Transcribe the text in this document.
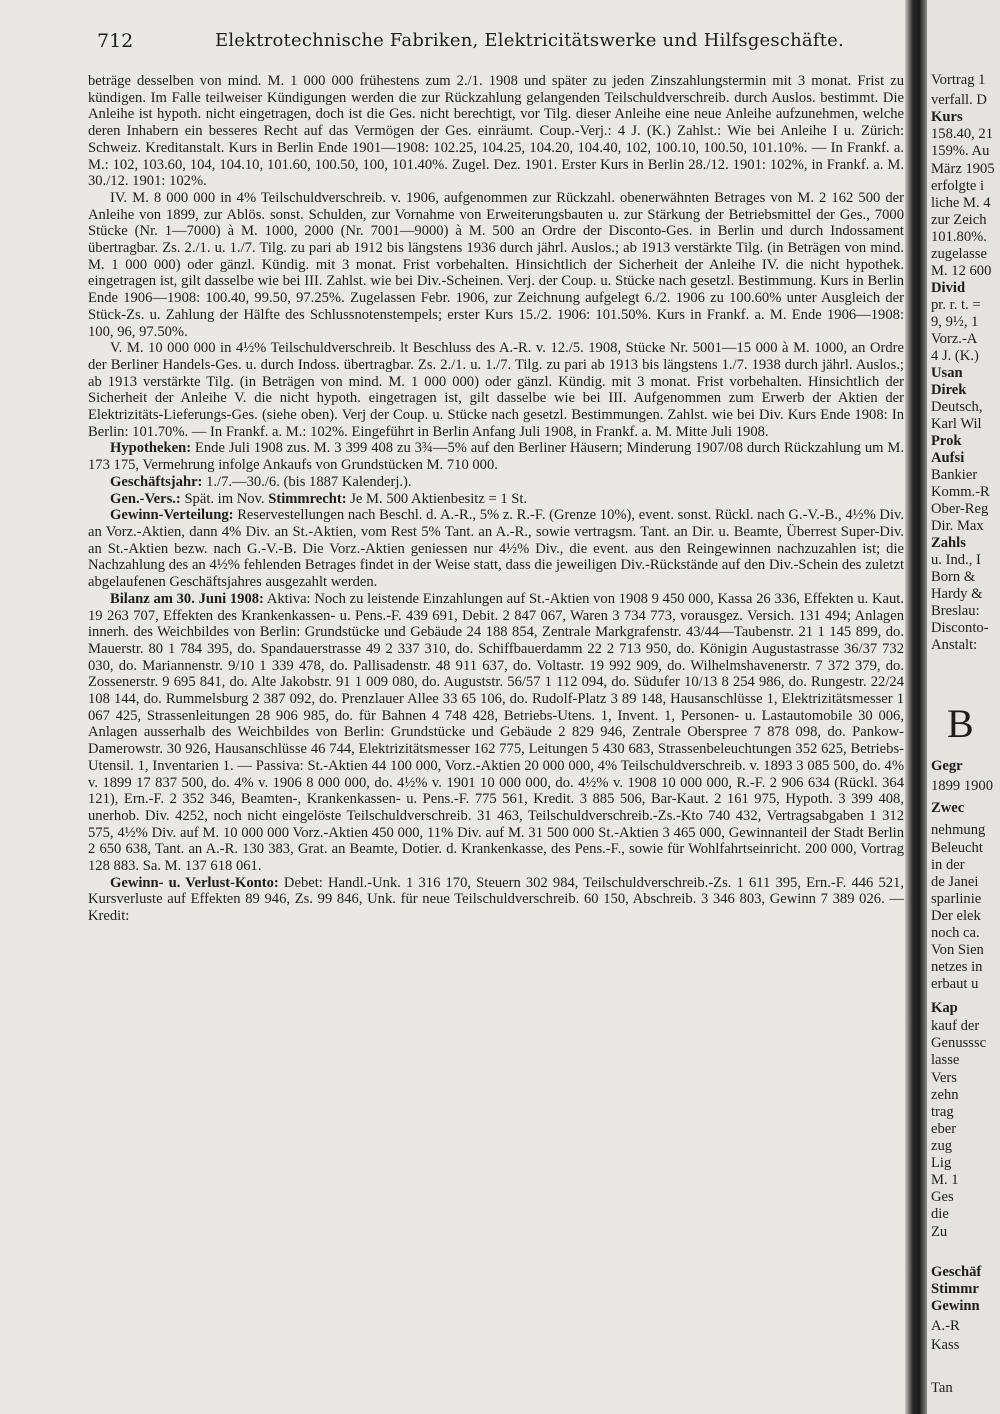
712	Elektrotechnische Fabriken, Elektricitätswerke und Hilfsgeschäfte.

beträge desselben von mind. M. 1 000 000 frühestens zum 2./1. 1908 und später zu jeden Zinszahlungstermin mit 3 monat. Frist zu kündigen. Im Falle teilweiser Kündigungen werden die zur Rückzahlung gelangenden Teilschuldverschreib. durch Auslos. bestimmt. Die Anleihe ist hypoth. nicht eingetragen, doch ist die Ges. nicht berechtigt, vor Tilg. dieser Anleihe eine neue Anleihe aufzunehmen, welche deren Inhabern ein besseres Recht auf das Vermögen der Ges. einräumt. Coup.-Verj.: 4 J. (K.) Zahlst.: Wie bei Anleihe I u. Zürich: Schweiz. Kreditanstalt. Kurs in Berlin Ende 1901—1908: 102.25, 104.25, 104.20, 104.40, 102, 100.10, 100.50, 101.10%. — In Frankf. a. M.: 102, 103.60, 104, 104.10, 101.60, 100.50, 100, 101.40%. Zugel. Dez. 1901. Erster Kurs in Berlin 28./12. 1901: 102%, in Frankf. a. M. 30./12. 1901: 102%.

IV. M. 8 000 000 in 4% Teilschuldverschreib. v. 1906, aufgenommen zur Rückzahl. obenerwähnten Betrages von M. 2 162 500 der Anleihe von 1899, zur Ablös. sonst. Schulden, zur Vornahme von Erweiterungsbauten u. zur Stärkung der Betriebsmittel der Ges., 7000 Stücke (Nr. 1—7000) à M. 1000, 2000 (Nr. 7001—9000) à M. 500 an Ordre der Disconto-Ges. in Berlin und durch Indossament übertragbar. Zs. 2./1. u. 1./7. Tilg. zu pari ab 1912 bis längstens 1936 durch jährl. Auslos.; ab 1913 verstärkte Tilg. (in Beträgen von mind. M. 1 000 000) oder gänzl. Kündig. mit 3 monat. Frist vorbehalten. Hinsichtlich der Sicherheit der Anleihe IV. die nicht hypothek. eingetragen ist, gilt dasselbe wie bei III. Zahlst. wie bei Div.-Scheinen. Verj. der Coup. u. Stücke nach gesetzl. Bestimmung. Kurs in Berlin Ende 1906—1908: 100.40, 99.50, 97.25%. Zugelassen Febr. 1906, zur Zeichnung aufgelegt 6./2. 1906 zu 100.60% unter Ausgleich der Stück-Zs. u. Zahlung der Hälfte des Schlussnotenstempels; erster Kurs 15./2. 1906: 101.50%. Kurs in Frankf. a. M. Ende 1906—1908: 100, 96, 97.50%.

V. M. 10 000 000 in 4½% Teilschuldverschreib. lt Beschluss des A.-R. v. 12./5. 1908, Stücke Nr. 5001—15 000 à M. 1000, an Ordre der Berliner Handels-Ges. u. durch Indoss. übertragbar. Zs. 2./1. u. 1./7. Tilg. zu pari ab 1913 bis längstens 1./7. 1938 durch jährl. Auslos.; ab 1913 verstärkte Tilg. (in Beträgen von mind. M. 1 000 000) oder gänzl. Kündig. mit 3 monat. Frist vorbehalten. Hinsichtlich der Sicherheit der Anleihe V. die nicht hypoth. eingetragen ist, gilt dasselbe wie bei III. Aufgenommen zum Erwerb der Aktien der Elektrizitäts-Lieferungs-Ges. (siehe oben). Verj der Coup. u. Stücke nach gesetzl. Bestimmungen. Zahlst. wie bei Div. Kurs Ende 1908: In Berlin: 101.70%. — In Frankf. a. M.: 102%. Eingeführt in Berlin Anfang Juli 1908, in Frankf. a. M. Mitte Juli 1908.

Hypotheken: Ende Juli 1908 zus. M. 3 399 408 zu 3¾—5% auf den Berliner Häusern; Minderung 1907/08 durch Rückzahlung um M. 173 175, Vermehrung infolge Ankaufs von Grundstücken M. 710 000.

Geschäftsjahr: 1./7.—30./6. (bis 1887 Kalenderj.).

Gen.-Vers.: Spät. im Nov. Stimmrecht: Je M. 500 Aktienbesitz = 1 St.

Gewinn-Verteilung: Reservestellungen nach Beschl. d. A.-R., 5% z. R.-F. (Grenze 10%), event. sonst. Rückl. nach G.-V.-B., 4½% Div. an Vorz.-Aktien, dann 4% Div. an St.-Aktien, vom Rest 5% Tant. an A.-R., sowie vertragsm. Tant. an Dir. u. Beamte, Überrest Super-Div. an St.-Aktien bezw. nach G.-V.-B. Die Vorz.-Aktien geniessen nur 4½% Div., die event. aus den Reingewinnen nachzuzahlen ist; die Nachzahlung des an 4½% fehlenden Betrages findet in der Weise statt, dass die jeweiligen Div.-Rückstände auf den Div.-Schein des zuletzt abgelaufenen Geschäftsjahres ausgezahlt werden.

Bilanz am 30. Juni 1908: Aktiva: Noch zu leistende Einzahlungen auf St.-Aktien von 1908 9 450 000, Kassa 26 336, Effekten u. Kaut. 19 263 707, Effekten des Krankenkassen- u. Pens.-F. 439 691, Debit. 2 847 067, Waren 3 734 773, vorausgez. Versich. 131 494; Anlagen innerh. des Weichbildes von Berlin: Grundstücke und Gebäude 24 188 854, Zentrale Markgrafenstr. 43/44—Taubenstr. 21 1 145 899, do. Mauerstr. 80 1 784 395, do. Spandauerstrasse 49 2 337 310, do. Schiffbauerdamm 22 2 713 950, do. Königin Augustastrasse 36/37 732 030, do. Mariannenstr. 9/10 1 339 478, do. Pallisadenstr. 48 911 637, do. Voltastr. 19 992 909, do. Wilhelmshavenerstr. 7 372 379, do. Zossenerstr. 9 695 841, do. Alte Jakobstr. 91 1 009 080, do. Auguststr. 56/57 1 112 094, do. Südufer 10/13 8 254 986, do. Rungestr. 22/24 108 144, do. Rummelsburg 2 387 092, do. Prenzlauer Allee 33 65 106, do. Rudolf-Platz 3 89 148, Hausanschlüsse 1, Elektrizitätsmesser 1 067 425, Strassenleitungen 28 906 985, do. für Bahnen 4 748 428, Betriebs-Utens. 1, Invent. 1, Personen- u. Lastautomobile 30 006, Anlagen ausserhalb des Weichbildes von Berlin: Grundstücke und Gebäude 2 829 946, Zentrale Oberspree 7 878 098, do. Pankow-Damerowstr. 30 926, Hausanschlüsse 46 744, Elektrizitätsmesser 162 775, Leitungen 5 430 683, Strassenbeleuchtungen 352 625, Betriebs-Utensil. 1, Inventarien 1. — Passiva: St.-Aktien 44 100 000, Vorz.-Aktien 20 000 000, 4% Teilschuldverschreib. v. 1893 3 085 500, do. 4% v. 1899 17 837 500, do. 4% v. 1906 8 000 000, do. 4½% v. 1901 10 000 000, do. 4½% v. 1908 10 000 000, R.-F. 2 906 634 (Rückl. 364 121), Ern.-F. 2 352 346, Beamten-, Krankenkassen- u. Pens.-F. 775 561, Kredit. 3 885 506, Bar-Kaut. 2 161 975, Hypoth. 3 399 408, unerhob. Div. 4252, noch nicht eingelöste Teilschuldverschreib. 31 463, Teilschuldverschreib.-Zs.-Kto 740 432, Vertragsabgaben 1 312 575, 4½% Div. auf M. 10 000 000 Vorz.-Aktien 450 000, 11% Div. auf M. 31 500 000 St.-Aktien 3 465 000, Gewinnanteil der Stadt Berlin 2 650 638, Tant. an A.-R. 130 383, Grat. an Beamte, Dotier. d. Krankenkasse, des Pens.-F., sowie für Wohlfahrtseinricht. 200 000, Vortrag 128 883. Sa. M. 137 618 061.

Gewinn- u. Verlust-Konto: Debet: Handl.-Unk. 1 316 170, Steuern 302 984, Teilschuldverschreib.-Zs. 1 611 395, Ern.-F. 446 521, Kursverluste auf Effekten 89 946, Zs. 99 846, Unk. für neue Teilschuldverschreib. 60 150, Abschreib. 3 346 803, Gewinn 7 389 026. — Kredit:

Vortrag 1
verfall. D
Kurs
158.40, 21
159%. Au
März 1905
erfolgte i
liche M. 4
zur Zeich
101.80%.
zugelasse
M. 12 600
Divid
pr. r. t. =
9, 9½, 1
Vorz.-A
4 J. (K.)
Usan
Direk
Deutsch,
Karl Wil
Prok
Aufsi
Bankier
Komm.-R
Ober-Reg
Dir. Max
Zahls
u. Ind., I
Born &
Hardy &
Breslau:
Disconto-
Anstalt:
B
Gegr
1899 1900
Zwec
nehmung
Beleucht
in der
de Janei
sparlinie
Der elek
noch ca.
Von Sien
netzes in
erbaut u
Kap
kauf der
Genusssc
lasse
Vers
zehn
trag
eber
zug
Lig
M. 1
Ges
die
Zu
Geschäf
Stimmr
Gewinn
A.-R
Kass
Tan
